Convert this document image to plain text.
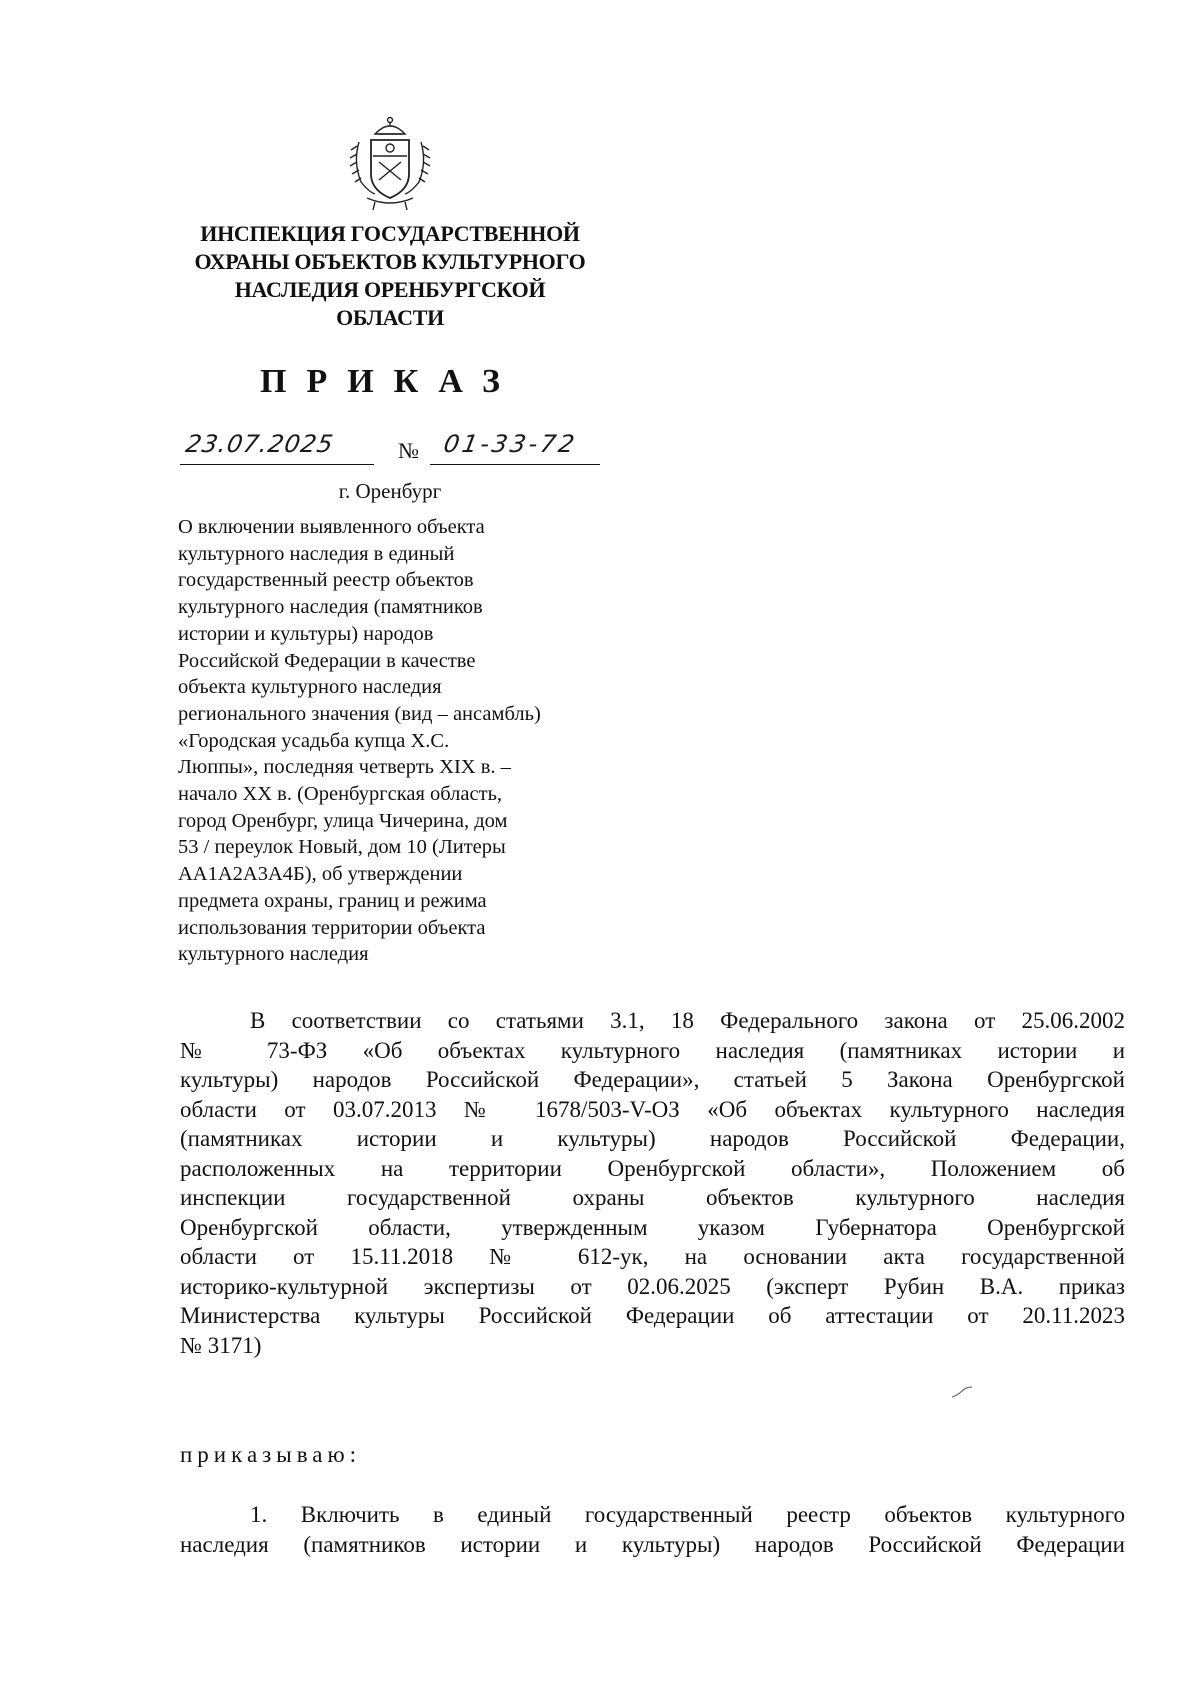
ИНСПЕКЦИЯ ГОСУДАРСТВЕННОЙ
ОХРАНЫ ОБЪЕКТОВ КУЛЬТУРНОГО
НАСЛЕДИЯ ОРЕНБУРГСКОЙ
ОБЛАСТИ
ПРИКАЗ
23.07.2025	№ 01-33-72
г. Оренбург
О включении выявленного объекта
культурного наследия в единый
государственный реестр объектов
культурного наследия (памятников
истории и культуры) народов
Российской Федерации в качестве
объекта культурного наследия
регионального значения (вид – ансамбль)
«Городская усадьба купца Х.С.
Люппы», последняя четверть XIX в. –
начало XX в. (Оренбургская область,
город Оренбург, улица Чичерина, дом
53 / переулок Новый, дом 10 (Литеры
АА1А2А3А4Б), об утверждении
предмета охраны, границ и режима
использования территории объекта
культурного наследия
В соответствии со статьями 3.1, 18 Федерального закона от 25.06.2002
№ 73-ФЗ «Об объектах культурного наследия (памятниках истории и
культуры) народов Российской Федерации», статьей 5 Закона Оренбургской
области от 03.07.2013 № 1678/503-V-ОЗ «Об объектах культурного наследия
(памятниках истории и культуры) народов Российской Федерации,
расположенных на территории Оренбургской области», Положением об
инспекции государственной охраны объектов культурного наследия
Оренбургской области, утвержденным указом Губернатора Оренбургской
области от 15.11.2018 № 612-ук, на основании акта государственной
историко-культурной экспертизы от 02.06.2025 (эксперт Рубин В.А. приказ
Министерства культуры Российской Федерации об аттестации от 20.11.2023
№ 3171)
приказываю:
1. Включить в единый государственный реестр объектов культурного
наследия (памятников истории и культуры) народов Российской Федерации
